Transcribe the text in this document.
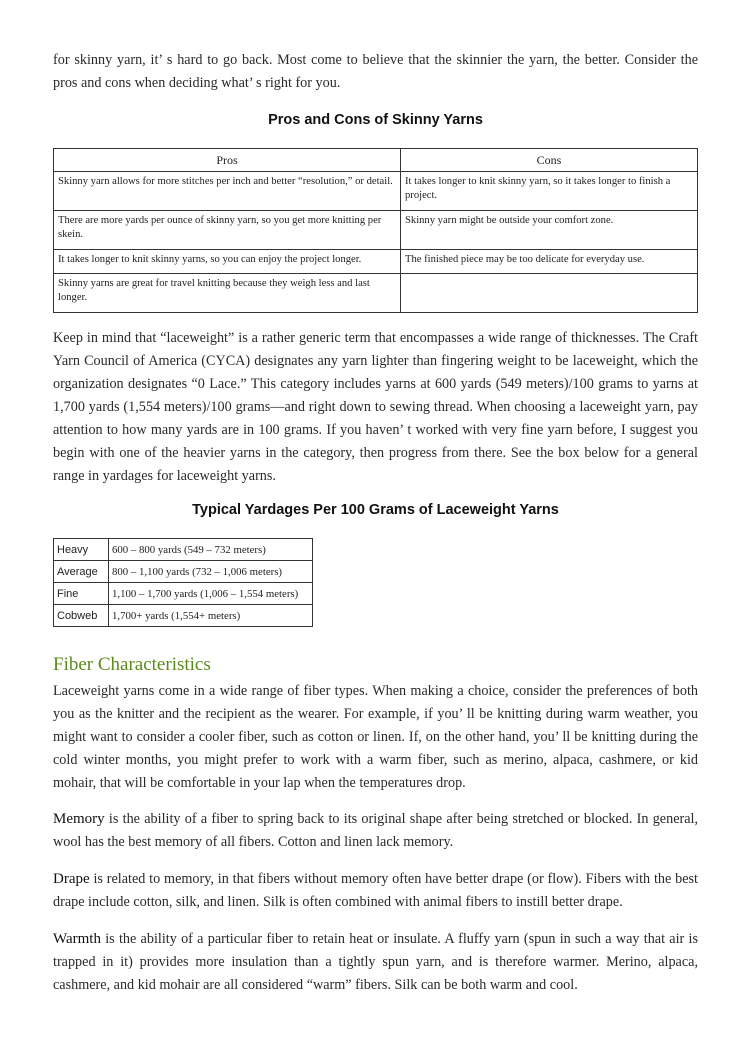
for skinny yarn, it’ s hard to go back. Most come to believe that the skinnier the yarn, the better. Consider the pros and cons when deciding what’ s right for you.

Pros and Cons of Skinny Yarns
Pros	Cons
Skinny yarn allows for more stitches per inch and better “resolution,” or detail.	It takes longer to knit skinny yarn, so it takes longer to finish a project.
There are more yards per ounce of skinny yarn, so you get more knitting per skein.	Skinny yarn might be outside your comfort zone.
It takes longer to knit skinny yarns, so you can enjoy the project longer.	The finished piece may be too delicate for everyday use.
Skinny yarns are great for travel knitting because they weigh less and last longer.	

Keep in mind that “laceweight” is a rather generic term that encompasses a wide range of thicknesses. The Craft Yarn Council of America (CYCA) designates any yarn lighter than fingering weight to be laceweight, which the organization designates “0 Lace.” This category includes yarns at 600 yards (549 meters)/100 grams to yarns at 1,700 yards (1,554 meters)/100 grams—and right down to sewing thread. When choosing a laceweight yarn, pay attention to how many yards are in 100 grams. If you haven’ t worked with very fine yarn before, I suggest you begin with one of the heavier yarns in the category, then progress from there. See the box below for a general range in yardages for laceweight yarns.

Typical Yardages Per 100 Grams of Laceweight Yarns
Heavy	600 – 800 yards (549 – 732 meters)
Average	800 – 1,100 yards (732 – 1,006 meters)
Fine	1,100 – 1,700 yards (1,006 – 1,554 meters)
Cobweb	1,700+ yards (1,554+ meters)
Fiber Characteristics

Laceweight yarns come in a wide range of fiber types. When making a choice, consider the preferences of both you as the knitter and the recipient as the wearer. For example, if you’ ll be knitting during warm weather, you might want to consider a cooler fiber, such as cotton or linen. If, on the other hand, you’ ll be knitting during the cold winter months, you might prefer to work with a warm fiber, such as merino, alpaca, cashmere, or kid mohair, that will be comfortable in your lap when the temperatures drop.

Memory is the ability of a fiber to spring back to its original shape after being stretched or blocked. In general, wool has the best memory of all fibers. Cotton and linen lack memory.

Drape is related to memory, in that fibers without memory often have better drape (or flow). Fibers with the best drape include cotton, silk, and linen. Silk is often combined with animal fibers to instill better drape.

Warmth is the ability of a particular fiber to retain heat or insulate. A fluffy yarn (spun in such a way that air is trapped in it) provides more insulation than a tightly spun yarn, and is therefore warmer. Merino, alpaca, cashmere, and kid mohair are all considered “warm” fibers. Silk can be both warm and cool.
